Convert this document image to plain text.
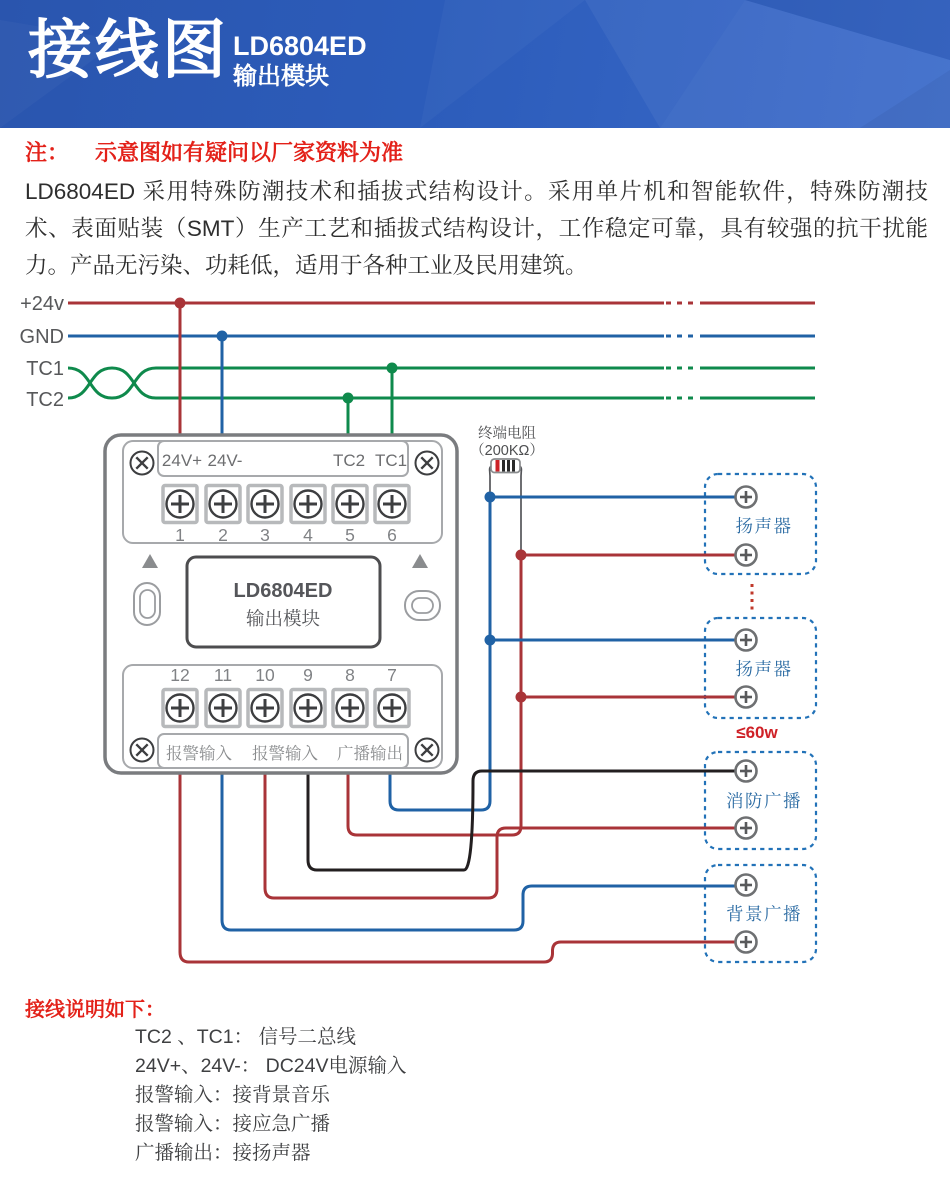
接线图 LD6804ED
输出模块
注： 示意图如有疑问以厂家资料为准
LD6804ED 采用特殊防潮技术和插拔式结构设计。采用单片机和智能软件，特殊防潮技术、表面贴装（SMT）生产工艺和插拔式结构设计，工作稳定可靠，具有较强的抗干扰能力。产品无污染、功耗低，适用于各种工业及民用建筑。
+24v
GND
TC1
TC2
24V+ 24V-	TC2 TC1
1 2 3 4 5 6
LD6804ED
输出模块
12 11 10 9 8 7
报警输入 报警输入 广播输出
终端电阻
（200KΩ）
扬声器
扬声器
≤60w
消防广播
背景广播
接线说明如下：
TC2 、TC1： 信号二总线
24V+、24V-： DC24V电源输入
报警输入：接背景音乐
报警输入：接应急广播
广播输出：接扬声器
